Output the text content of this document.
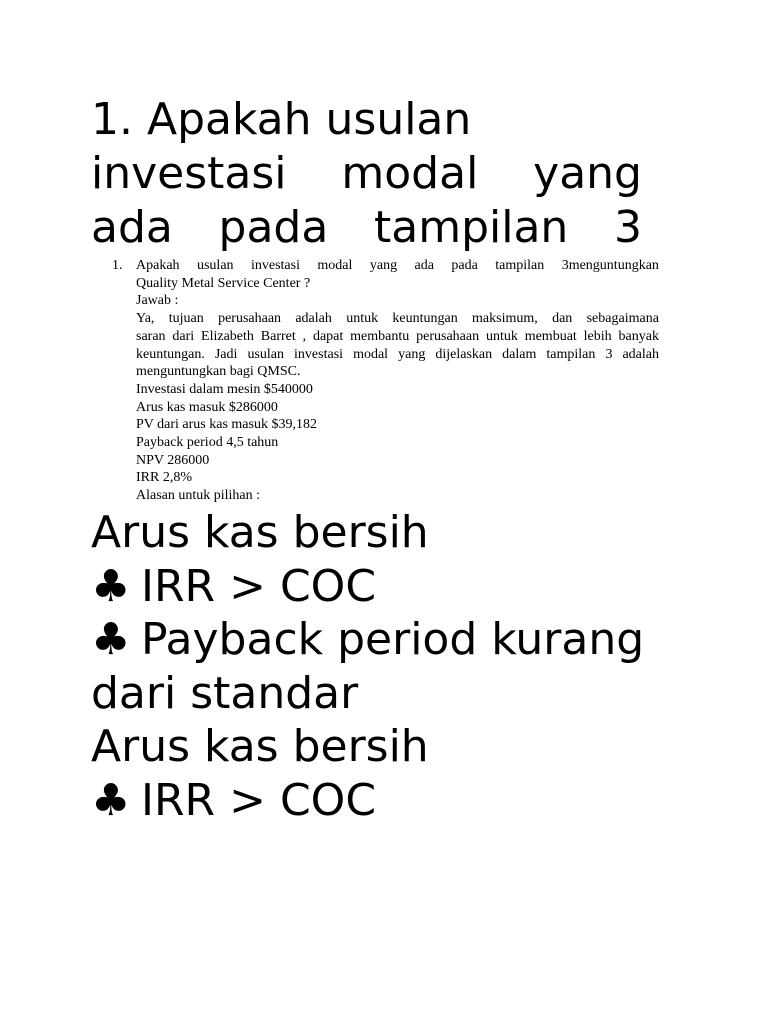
1. Apakah usulan
investasi modal yang
ada pada tampilan 3
1. Apakah usulan investasi modal yang ada pada tampilan 3menguntungkan
Quality Metal Service Center ?
Jawab :
Ya, tujuan perusahaan adalah untuk keuntungan maksimum, dan sebagaimana
saran dari Elizabeth Barret , dapat membantu perusahaan untuk membuat lebih banyak
keuntungan. Jadi usulan investasi modal yang dijelaskan dalam tampilan 3 adalah
menguntungkan bagi QMSC.
Investasi dalam mesin $540000
Arus kas masuk $286000
PV dari arus kas masuk $39,182
Payback period 4,5 tahun
NPV 286000
IRR 2,8%
Alasan untuk pilihan :
Arus kas bersih
♣ IRR > COC
♣ Payback period kurang
dari standar
Arus kas bersih
♣ IRR > COC
